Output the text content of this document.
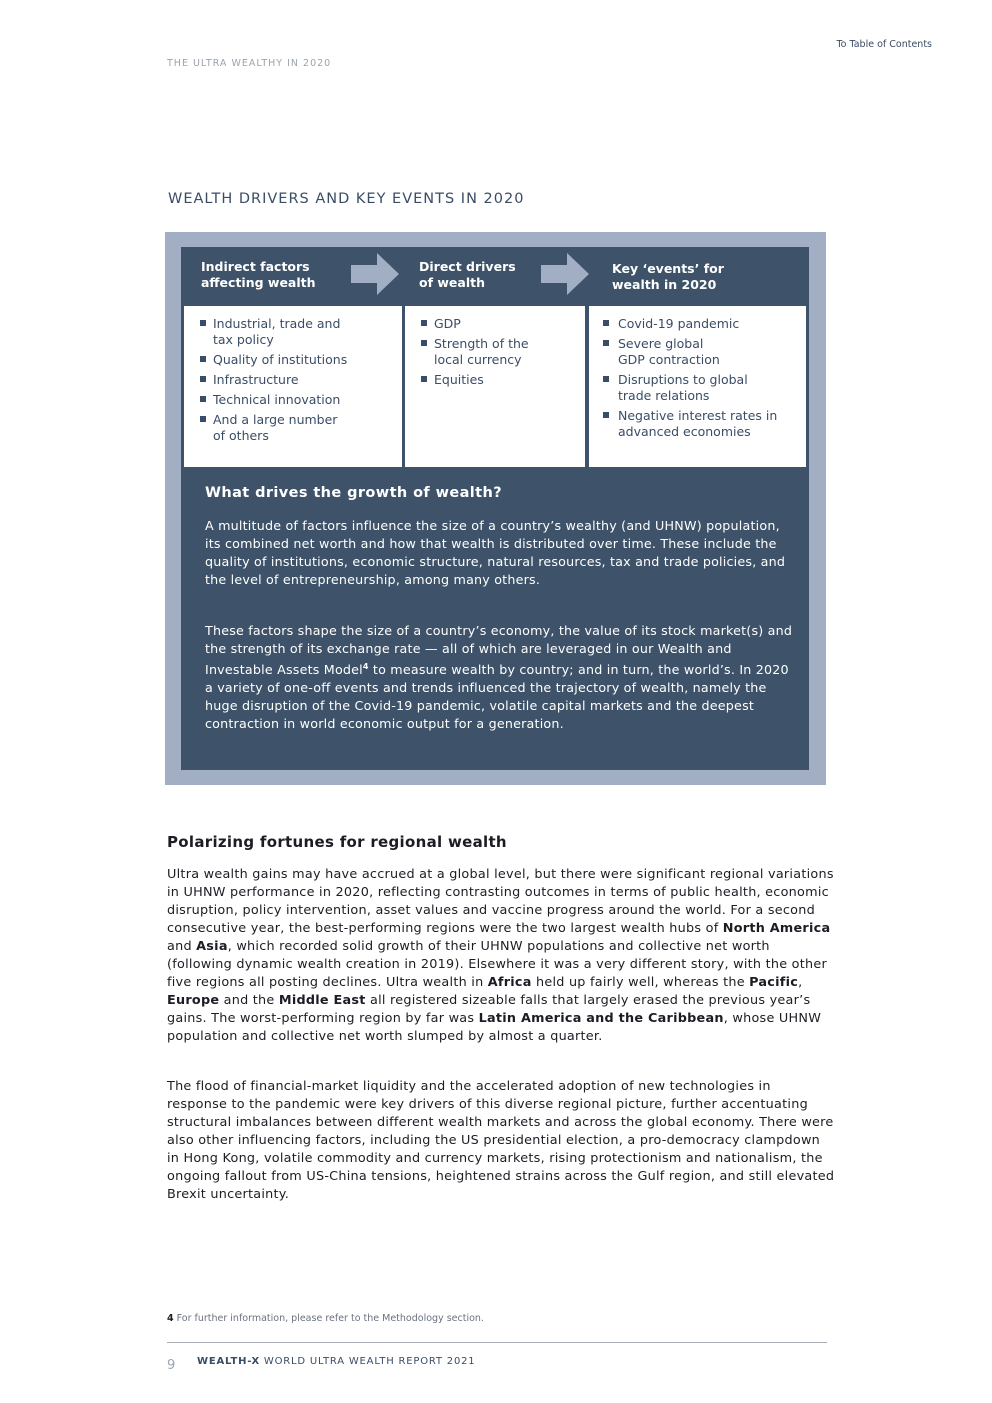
THE ULTRA WEALTHY IN 2020
To Table of Contents
WEALTH DRIVERS AND KEY EVENTS IN 2020
Indirect factors
affecting wealth
Direct drivers
of wealth
Key ‘events’ for
wealth in 2020
Industrial, trade and
tax policy
Quality of institutions
Infrastructure
Technical innovation
And a large number
of others
GDP
Strength of the
local currency
Equities
Covid-19 pandemic
Severe global
GDP contraction
Disruptions to global
trade relations
Negative interest rates in
advanced economies
What drives the growth of wealth?
A multitude of factors influence the size of a country’s wealthy (and UHNW) population, its combined net worth and how that wealth is distributed over time. These include the quality of institutions, economic structure, natural resources, tax and trade policies, and the level of entrepreneurship, among many others.
These factors shape the size of a country’s economy, the value of its stock market(s) and the strength of its exchange rate — all of which are leveraged in our Wealth and Investable Assets Model$^4$ to measure wealth by country; and in turn, the world’s. In 2020 a variety of one-off events and trends influenced the trajectory of wealth, namely the huge disruption of the Covid-19 pandemic, volatile capital markets and the deepest contraction in world economic output for a generation.
Polarizing fortunes for regional wealth
Ultra wealth gains may have accrued at a global level, but there were significant regional variations in UHNW performance in 2020, reflecting contrasting outcomes in terms of public health, economic disruption, policy intervention, asset values and vaccine progress around the world. For a second consecutive year, the best-performing regions were the two largest wealth hubs of North America and Asia, which recorded solid growth of their UHNW populations and collective net worth (following dynamic wealth creation in 2019). Elsewhere it was a very different story, with the other five regions all posting declines. Ultra wealth in Africa held up fairly well, whereas the Pacific, Europe and the Middle East all registered sizeable falls that largely erased the previous year’s gains. The worst-performing region by far was Latin America and the Caribbean, whose UHNW population and collective net worth slumped by almost a quarter.
The flood of financial-market liquidity and the accelerated adoption of new technologies in response to the pandemic were key drivers of this diverse regional picture, further accentuating structural imbalances between different wealth markets and across the global economy. There were also other influencing factors, including the US presidential election, a pro-democracy clampdown in Hong Kong, volatile commodity and currency markets, rising protectionism and nationalism, the ongoing fallout from US-China tensions, heightened strains across the Gulf region, and still elevated Brexit uncertainty.
4 For further information, please refer to the Methodology section.
9 WEALTH-X WORLD ULTRA WEALTH REPORT 2021
